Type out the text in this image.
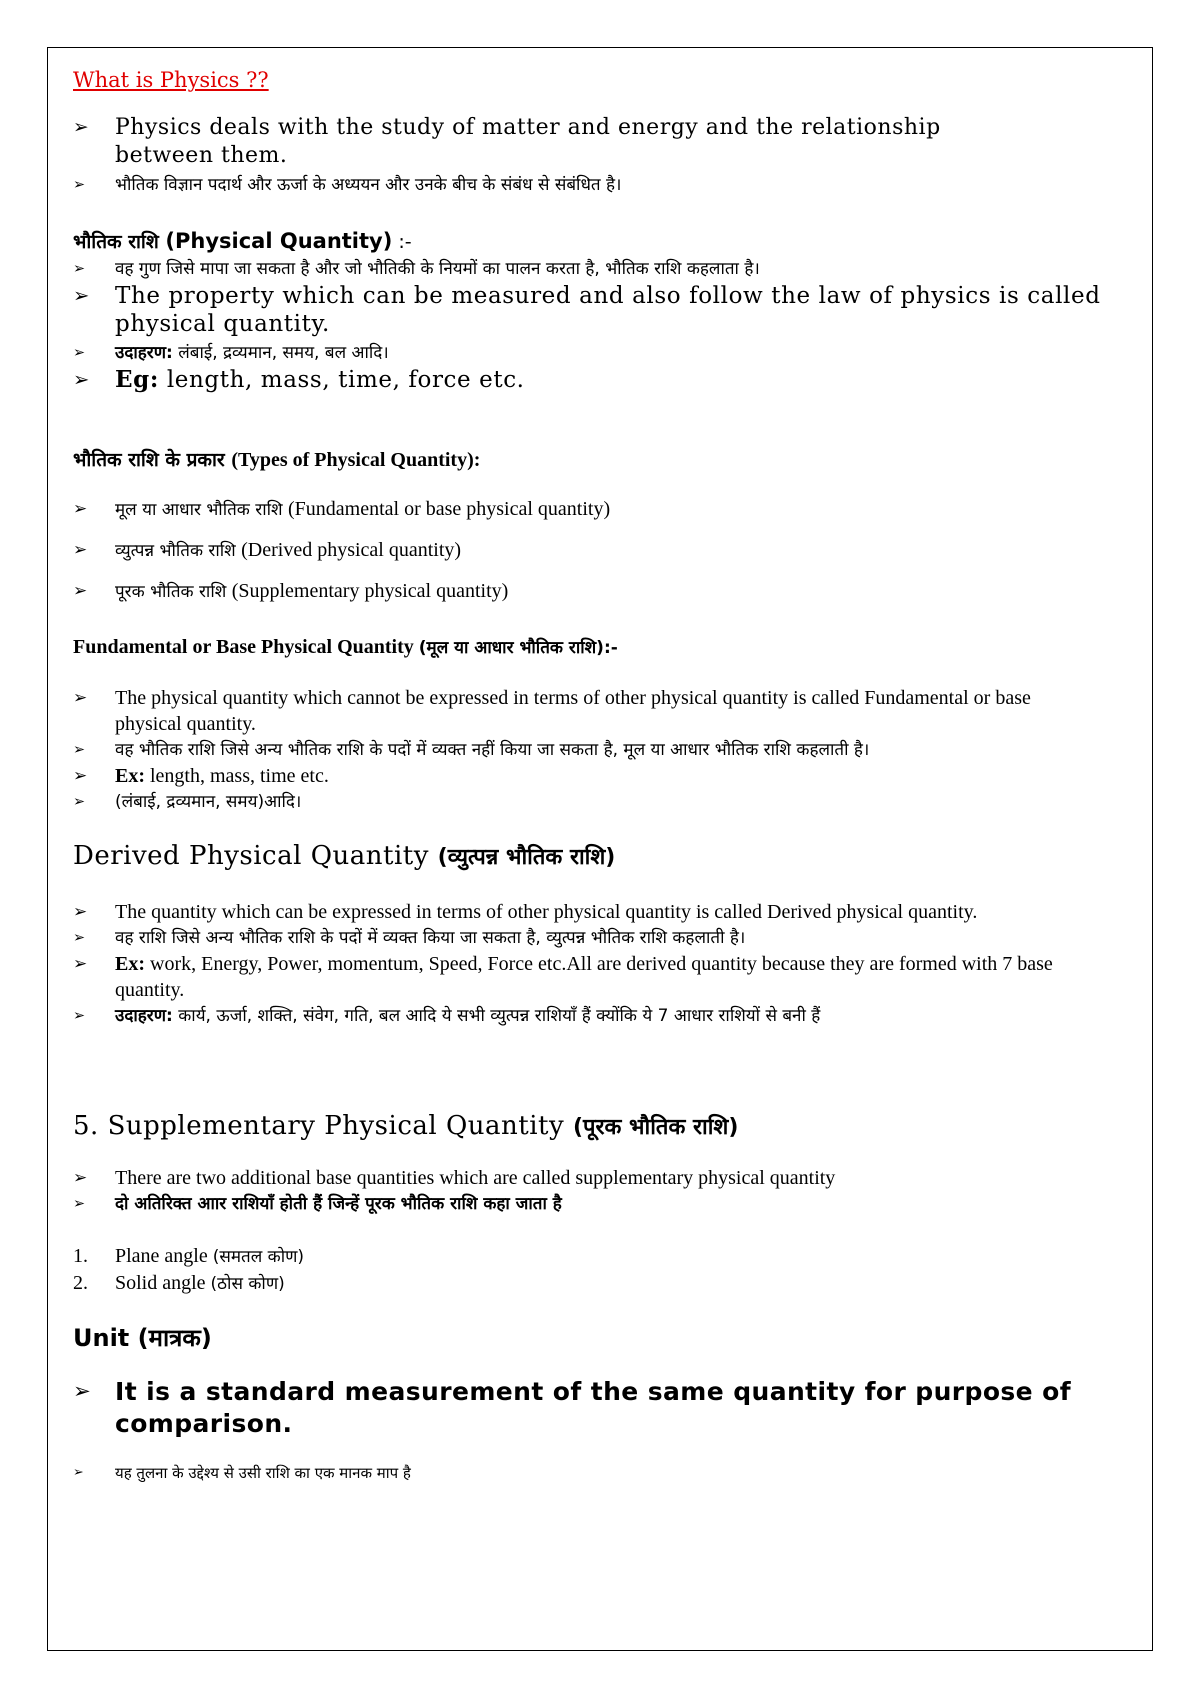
What is Physics ??
➢ Physics deals with the study of matter and energy and the relationship between them.
➢ भौतिक विज्ञान पदार्थ और ऊर्जा के अध्ययन और उनके बीच के संबंध से संबंधित है।
भौतिक राशि (Physical Quantity) :-
➢ वह गुण जिसे मापा जा सकता है और जो भौतिकी के नियमों का पालन करता है, भौतिक राशि कहलाता है।
➢ The property which can be measured and also follow the law of physics is called physical quantity.
➢ उदाहरण: लंबाई, द्रव्यमान, समय, बल आदि।
➢ Eg: length, mass, time, force etc.
भौतिक राशि के प्रकार (Types of Physical Quantity):
➢ मूल या आधार भौतिक राशि (Fundamental or base physical quantity)
➢ व्युत्पन्न भौतिक राशि (Derived physical quantity)
➢ पूरक भौतिक राशि (Supplementary physical quantity)
Fundamental or Base Physical Quantity (मूल या आधार भौतिक राशि):-
➢ The physical quantity which cannot be expressed in terms of other physical quantity is called Fundamental or base physical quantity.
➢ वह भौतिक राशि जिसे अन्य भौतिक राशि के पदों में व्यक्त नहीं किया जा सकता है, मूल या आधार भौतिक राशि कहलाती है।
➢ Ex: length, mass, time etc.
➢ (लंबाई, द्रव्यमान, समय)आदि।
Derived Physical Quantity (व्युत्पन्न भौतिक राशि)
➢ The quantity which can be expressed in terms of other physical quantity is called Derived physical quantity.
➢ वह राशि जिसे अन्य भौतिक राशि के पदों में व्यक्त किया जा सकता है, व्युत्पन्न भौतिक राशि कहलाती है।
➢ Ex: work, Energy, Power, momentum, Speed, Force etc.All are derived quantity because they are formed with 7 base quantity.
➢ उदाहरण: कार्य, ऊर्जा, शक्ति, संवेग, गति, बल आदि ये सभी व्युत्पन्न राशियाँ हैं क्योंकि ये 7 आधार राशियों से बनी हैं
5. Supplementary Physical Quantity (पूरक भौतिक राशि)
➢ There are two additional base quantities which are called supplementary physical quantity
➢ दो अतिरिक्त आार राशियाँ होती हैं जिन्हें पूरक भौतिक राशि कहा जाता है
1. Plane angle (समतल कोण)
2. Solid angle (ठोस कोण)
Unit (मात्रक)
➢ It is a standard measurement of the same quantity for purpose of comparison.
➢ यह तुलना के उद्देश्य से उसी राशि का एक मानक माप है
